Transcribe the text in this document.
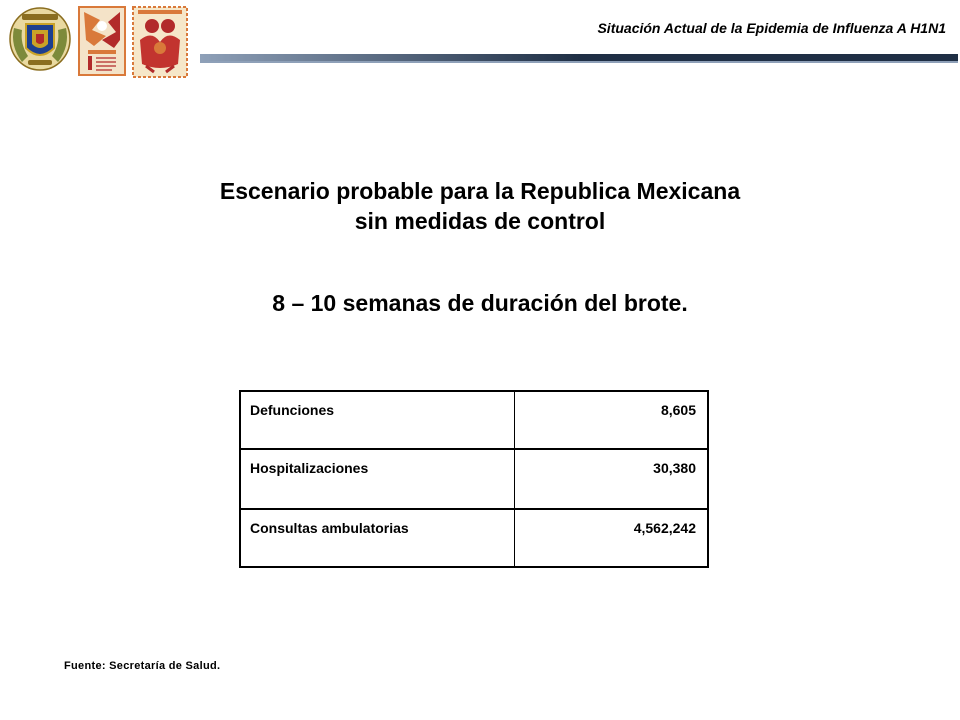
Situación Actual de la Epidemia de Influenza A H1N1
Escenario probable para la Republica Mexicana
sin medidas de control
8 – 10 semanas de duración del brote.
Defunciones	8,605
Hospitalizaciones	30,380
Consultas ambulatorias	4,562,242
Fuente: Secretaría de Salud.
